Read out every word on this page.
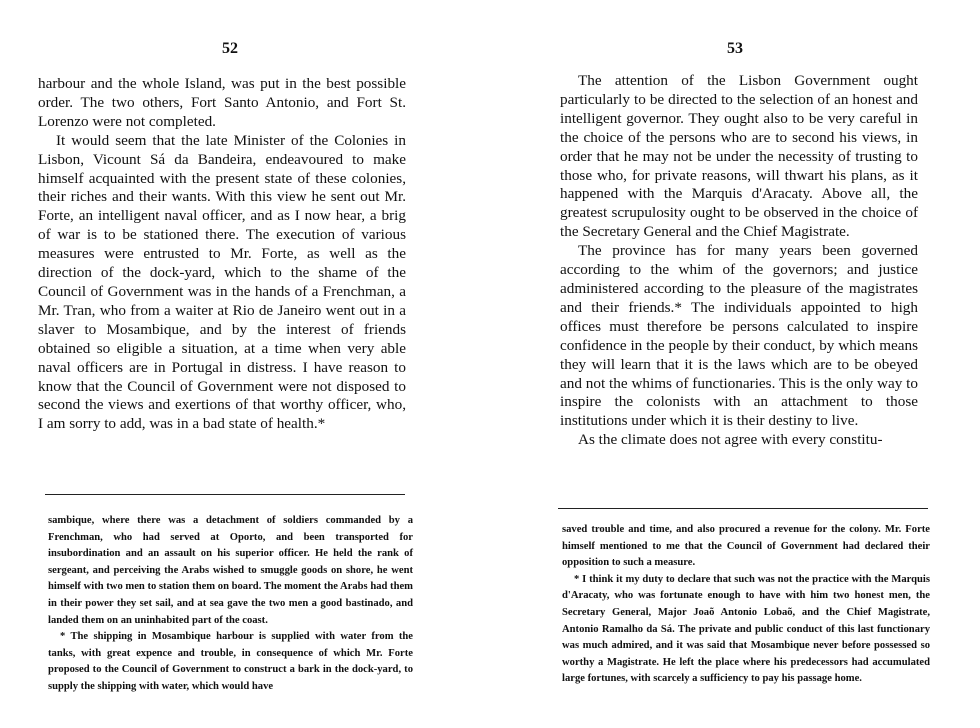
52

harbour and the whole Island, was put in the best possible order. The two others, Fort Santo Antonio, and Fort St. Lorenzo were not completed.

It would seem that the late Minister of the Colonies in Lisbon, Vicount Sá da Bandeira, endeavoured to make himself acquainted with the present state of these colonies, their riches and their wants. With this view he sent out Mr. Forte, an intelligent naval officer, and as I now hear, a brig of war is to be stationed there. The execution of various measures were entrusted to Mr. Forte, as well as the direction of the dock-yard, which to the shame of the Council of Government was in the hands of a Frenchman, a Mr. Tran, who from a waiter at Rio de Janeiro went out in a slaver to Mosambique, and by the interest of friends obtained so eligible a situation, at a time when very able naval officers are in Portugal in distress. I have reason to know that the Council of Government were not disposed to second the views and exertions of that worthy officer, who, I am sorry to add, was in a bad state of health.*

sambique, where there was a detachment of soldiers commanded by a Frenchman, who had served at Oporto, and been transported for insubordination and an assault on his superior officer. He held the rank of sergeant, and perceiving the Arabs wished to smuggle goods on shore, he went himself with two men to station them on board. The moment the Arabs had them in their power they set sail, and at sea gave the two men a good bastinado, and landed them on an uninhabited part of the coast.

* The shipping in Mosambique harbour is supplied with water from the tanks, with great expence and trouble, in consequence of which Mr. Forte proposed to the Council of Government to construct a bark in the dock-yard, to supply the shipping with water, which would have

53

The attention of the Lisbon Government ought particularly to be directed to the selection of an honest and intelligent governor. They ought also to be very careful in the choice of the persons who are to second his views, in order that he may not be under the necessity of trusting to those who, for private reasons, will thwart his plans, as it happened with the Marquis d'Aracaty. Above all, the greatest scrupulosity ought to be observed in the choice of the Secretary General and the Chief Magistrate.

The province has for many years been governed according to the whim of the governors; and justice administered according to the pleasure of the magistrates and their friends.* The individuals appointed to high offices must therefore be persons calculated to inspire confidence in the people by their conduct, by which means they will learn that it is the laws which are to be obeyed and not the whims of functionaries. This is the only way to inspire the colonists with an attachment to those institutions under which it is their destiny to live.

As the climate does not agree with every constitu-

saved trouble and time, and also procured a revenue for the colony. Mr. Forte himself mentioned to me that the Council of Government had declared their opposition to such a measure.

* I think it my duty to declare that such was not the practice with the Marquis d'Aracaty, who was fortunate enough to have with him two honest men, the Secretary General, Major Joaõ Antonio Lobaõ, and the Chief Magistrate, Antonio Ramalho da Sá. The private and public conduct of this last functionary was much admired, and it was said that Mosambique never before possessed so worthy a Magistrate. He left the place where his predecessors had accumulated large fortunes, with scarcely a sufficiency to pay his passage home.
